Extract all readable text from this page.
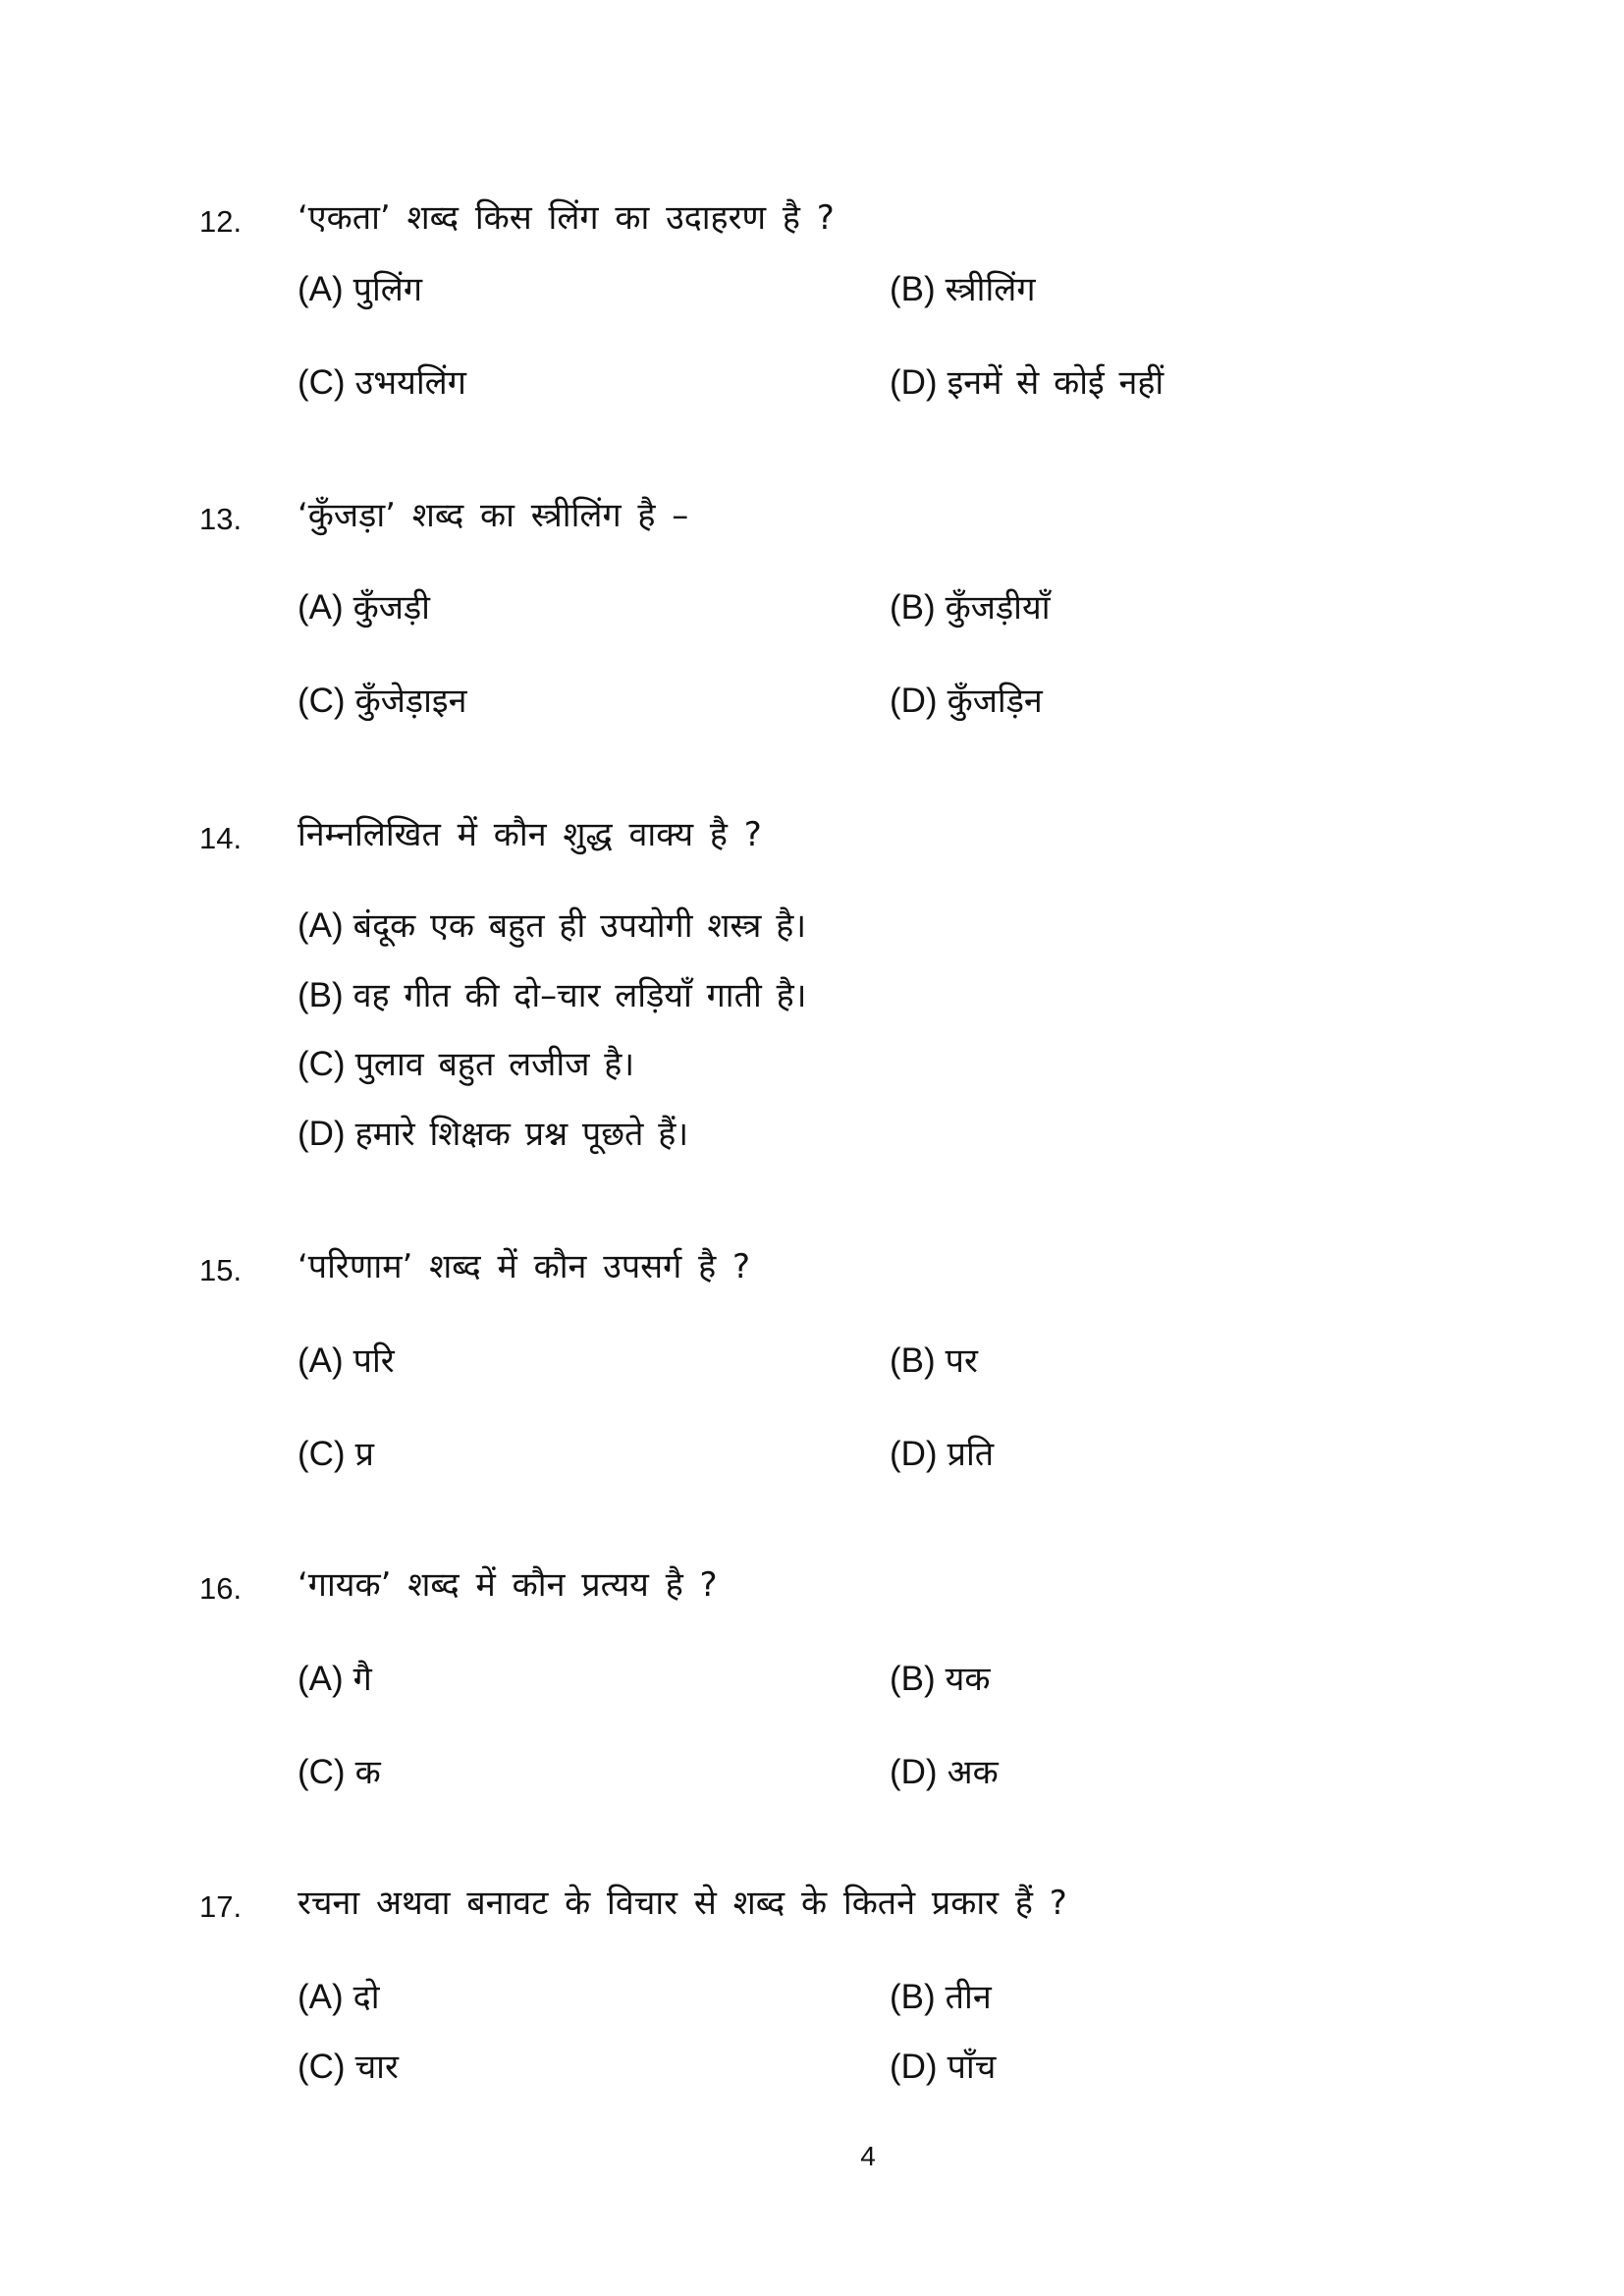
12. ‘एकता’ शब्द किस लिंग का उदाहरण है ?
(A) पुलिंग	(B) स्त्रीलिंग
(C) उभयलिंग	(D) इनमें से कोई नहीं
13. ‘कुँजड़ा’ शब्द का स्त्रीलिंग है –
(A) कुँजड़ी	(B) कुँजड़ीयाँ
(C) कुँजेड़ाइन	(D) कुँजड़िन
14. निम्नलिखित में कौन शुद्ध वाक्य है ?
(A) बंदूक एक बहुत ही उपयोगी शस्त्र है।
(B) वह गीत की दो–चार लड़ियाँ गाती है।
(C) पुलाव बहुत लजीज है।
(D) हमारे शिक्षक प्रश्न पूछते हैं।
15. ‘परिणाम’ शब्द में कौन उपसर्ग है ?
(A) परि	(B) पर
(C) प्र	(D) प्रति
16. ‘गायक’ शब्द में कौन प्रत्यय है ?
(A) गै	(B) यक
(C) क	(D) अक
17. रचना अथवा बनावट के विचार से शब्द के कितने प्रकार हैं ?
(A) दो	(B) तीन
(C) चार	(D) पाँच
4
